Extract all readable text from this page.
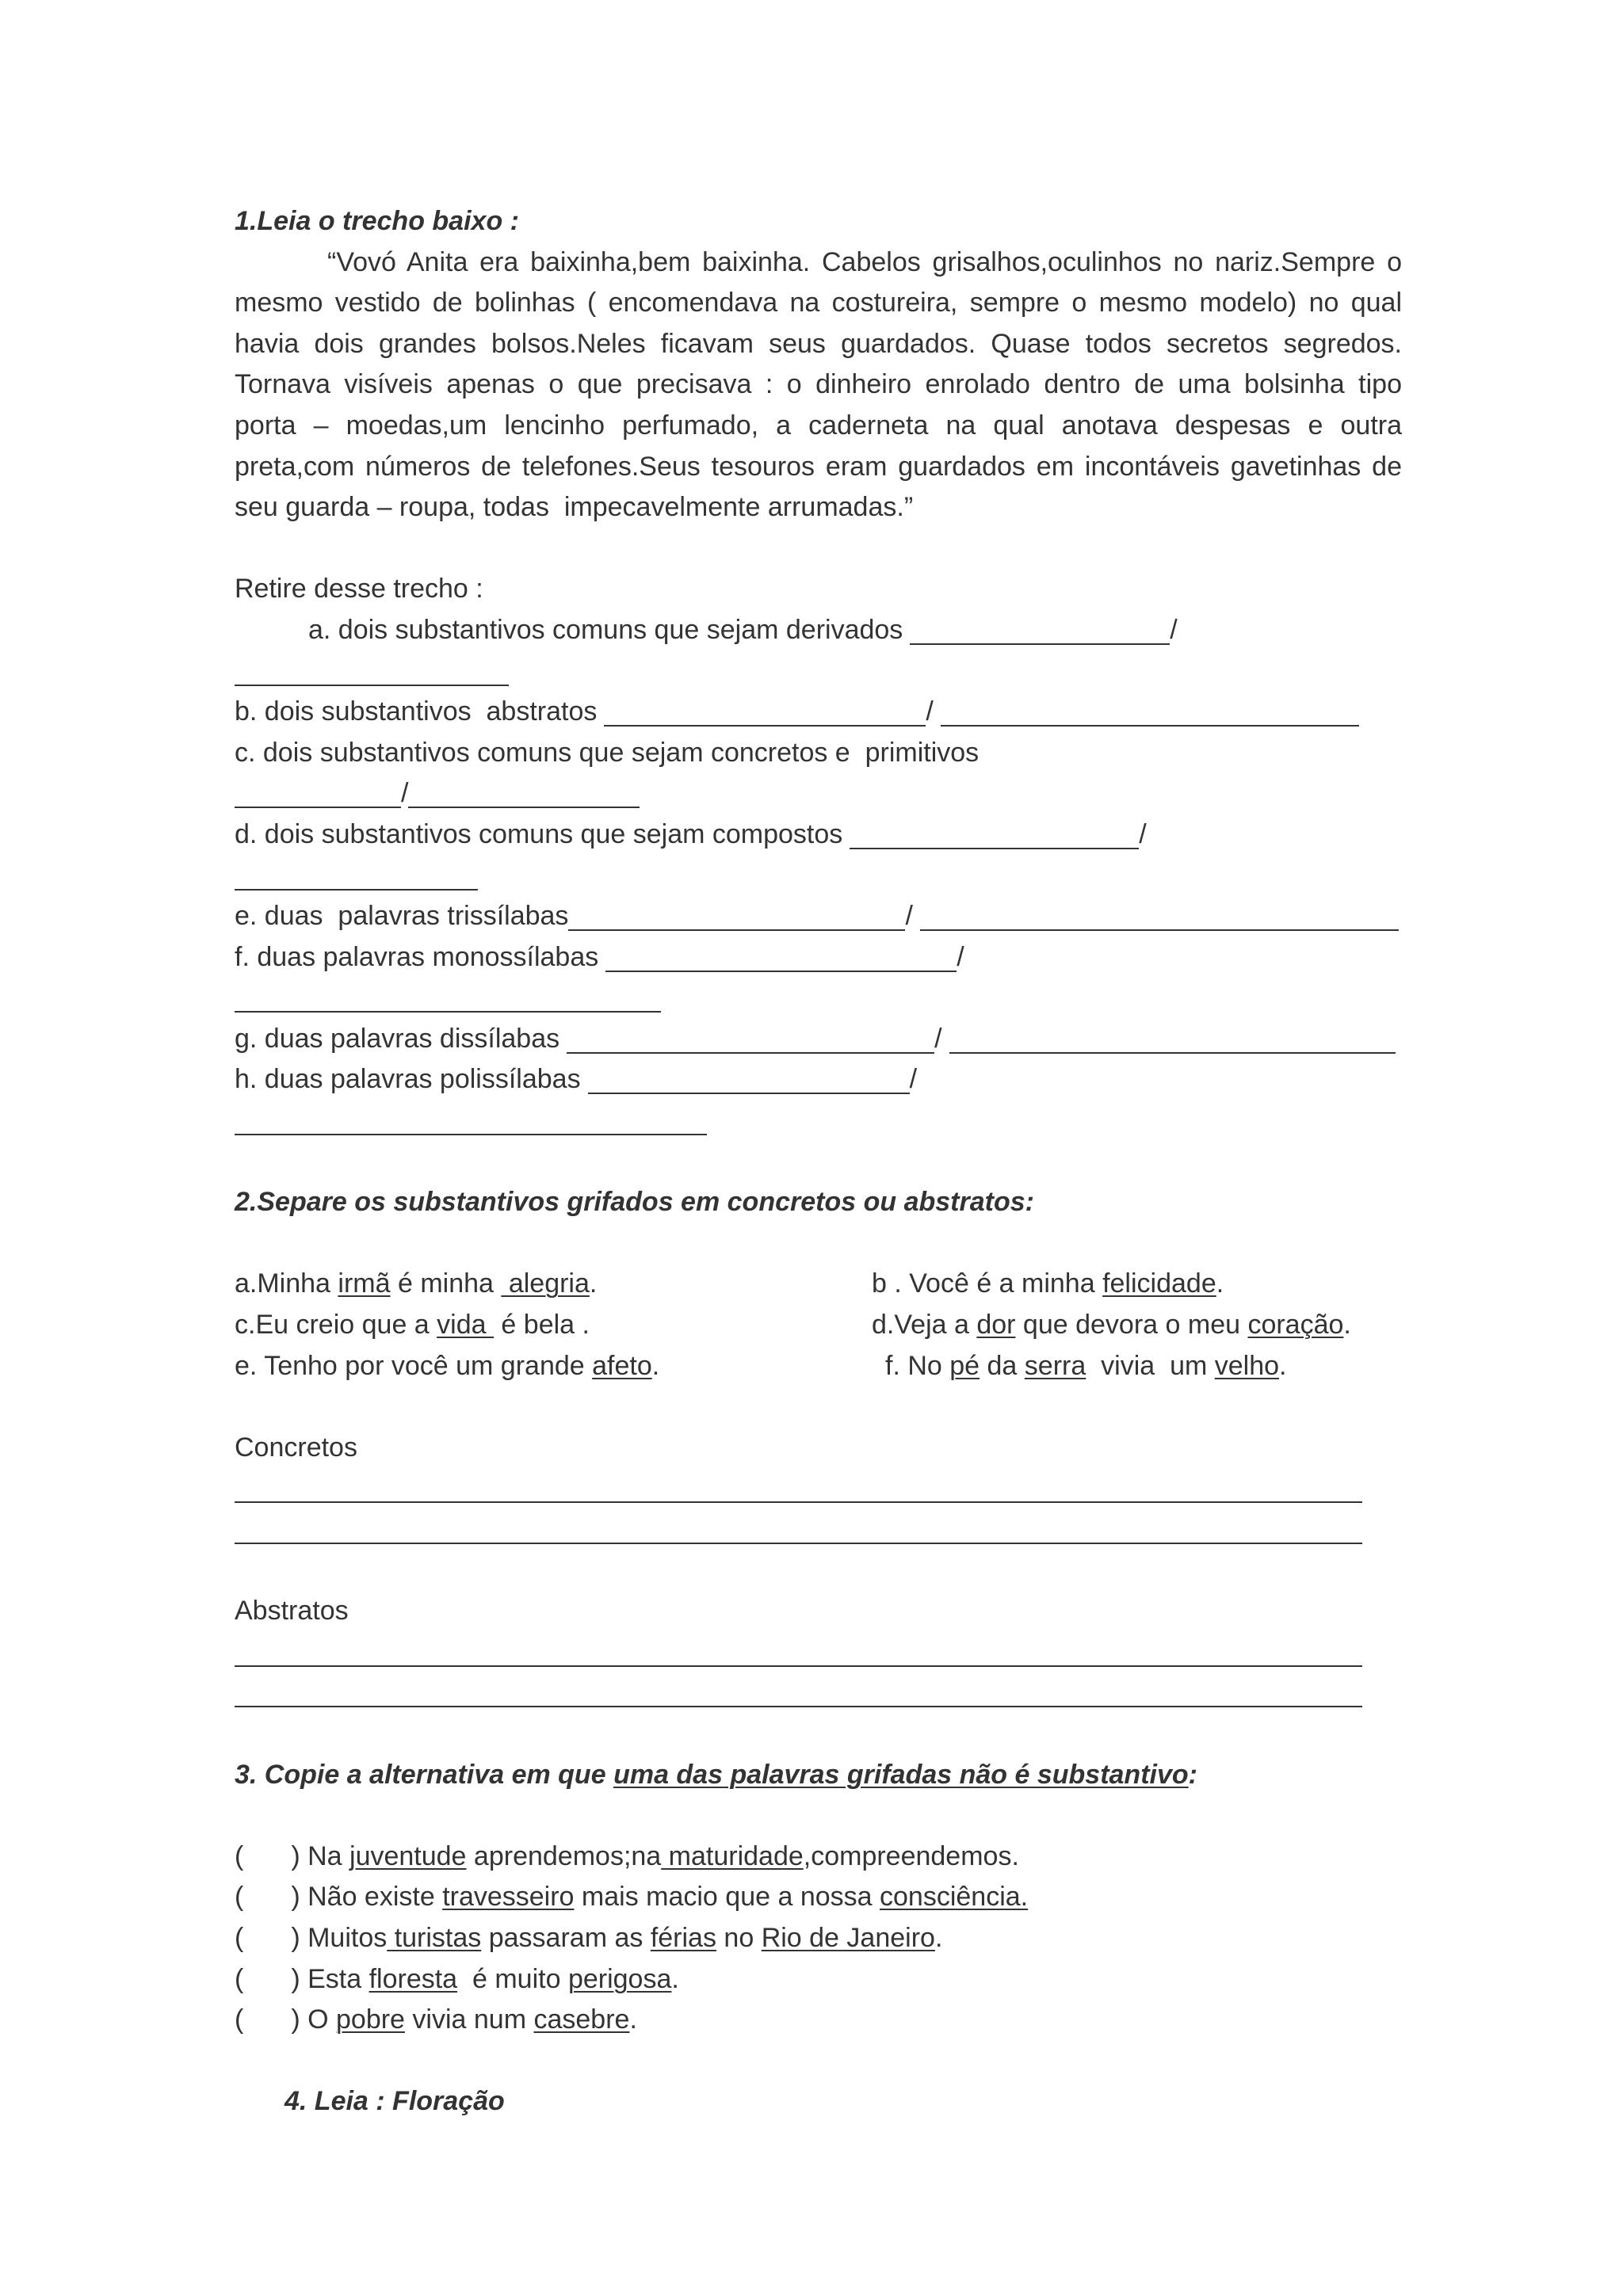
1.Leia o trecho baixo :
“Vovó Anita era baixinha,bem baixinha. Cabelos grisalhos,oculinhos no nariz.Sempre o
mesmo vestido de bolinhas ( encomendava na costureira, sempre o mesmo modelo) no qual
havia dois grandes bolsos.Neles ficavam seus guardados. Quase todos secretos segredos.
Tornava visíveis apenas o que precisava : o dinheiro enrolado dentro de uma bolsinha tipo
porta – moedas,um lencinho perfumado, a caderneta na qual anotava despesas e outra
preta,com números de telefones.Seus tesouros eram guardados em incontáveis gavetinhas de
seu guarda – roupa, todas  impecavelmente arrumadas.”
Retire desse trecho :
a. dois substantivos comuns que sejam derivados	/
b. dois substantivos  abstratos	/
c. dois substantivos comuns que sejam concretos e  primitivos
/
d. dois substantivos comuns que sejam compostos	/
e. duas  palavras trissílabas	/
f. duas palavras monossílabas	/
g. duas palavras dissílabas	/
h. duas palavras polissílabas	/
2.Separe os substantivos grifados em concretos ou abstratos:
a.Minha irmã é minha alegria .	b . Você é a minha felicidade .
c.Eu creio que a vida é bela .	d.Veja a dor que devora o meu coração .
e. Tenho por você um grande afeto .	f. No pé da serra vivia  um velho .
Concretos
Abstratos
3. Copie a alternativa em que uma das palavras grifadas não é substantivo :
( ) Na juventude aprendemos;na maturidade ,compreendemos.
( ) Não existe travesseiro mais macio que a nossa consciência.
( ) Muitos turistas passaram as férias no Rio de Janeiro .
( ) Esta floresta é muito perigosa .
( ) O pobre vivia num casebre .
4. Leia : Floração
